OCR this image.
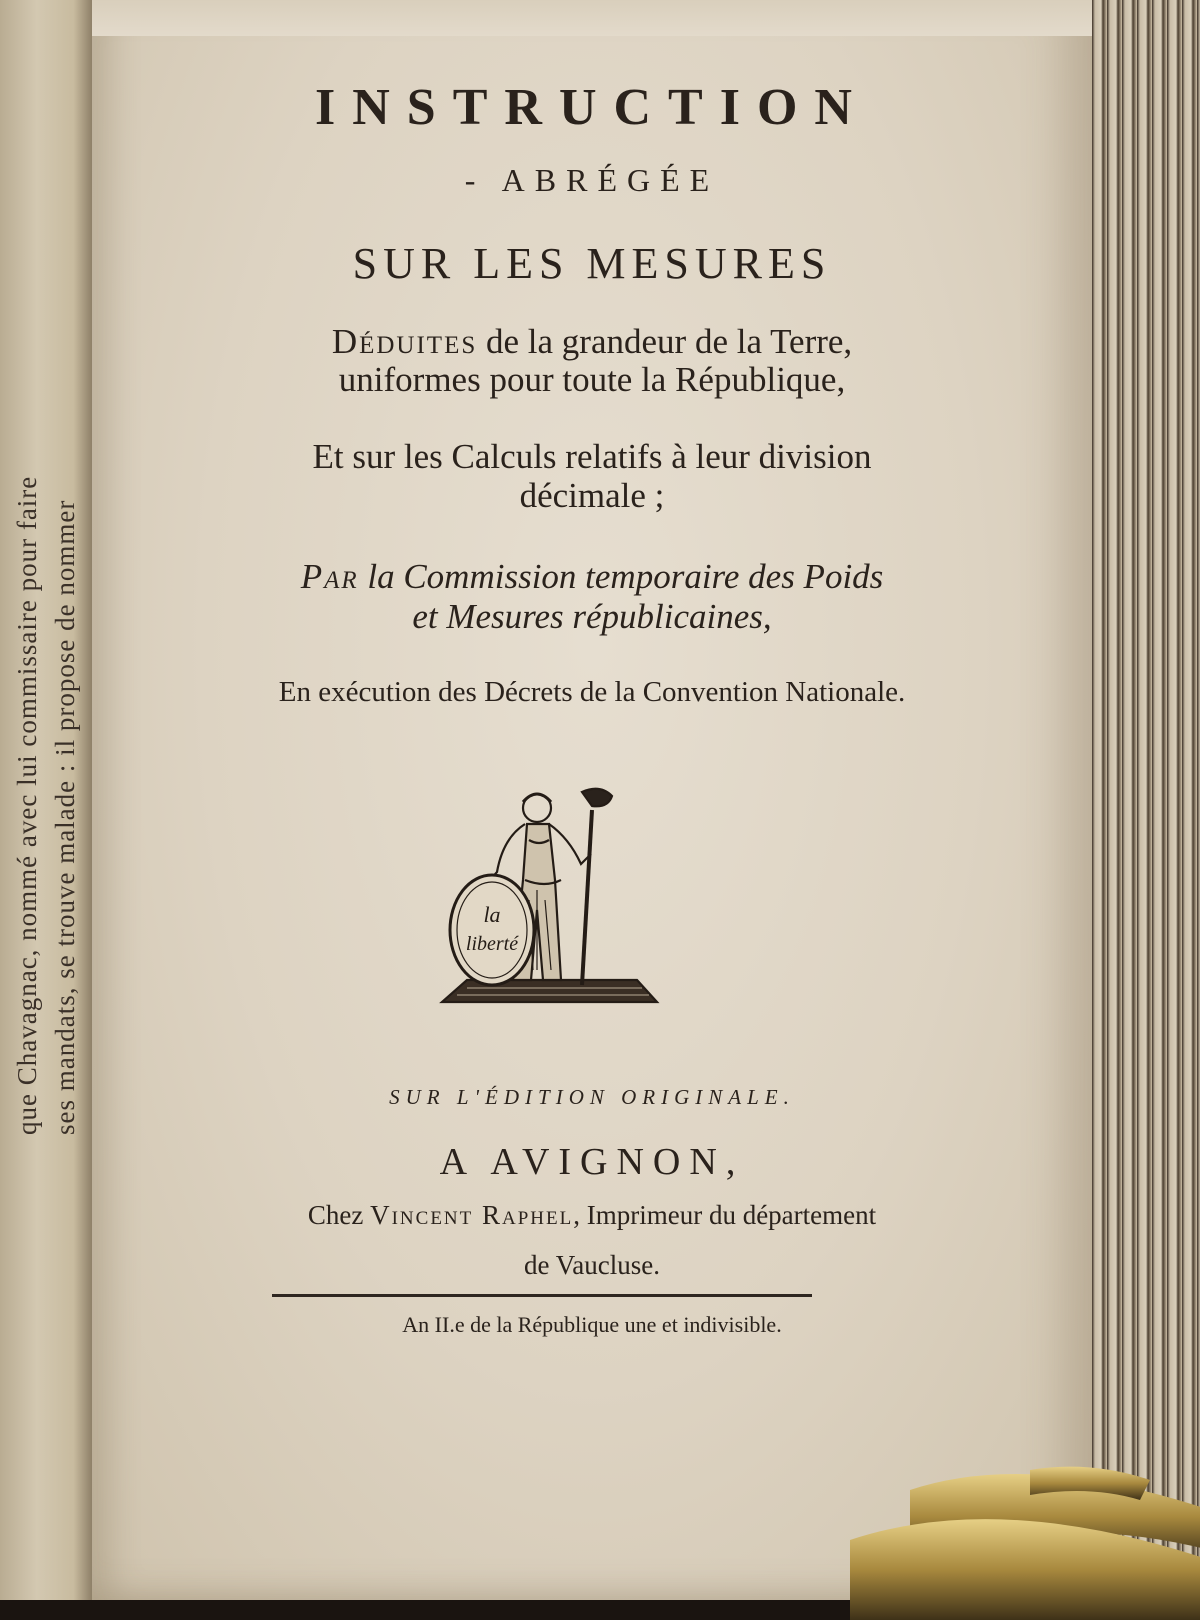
que Chavagnac, nommé avec lui commissaire pour faire ses mandats, se trouve malade : il propose de nommer
INSTRUCTION
- ABRÉGÉE
SUR LES MESURES
Déduites de la grandeur de la Terre,
uniformes pour toute la République,
Et sur les Calculs relatifs à leur division
décimale ;
Par la Commission temporaire des Poids
et Mesures républicaines,
En exécution des Décrets de la Convention Nationale.
la
liberté
SUR L'ÉDITION ORIGINALE.
A AVIGNON,
Chez Vincent Raphel, Imprimeur du département
de Vaucluse.
An II.e de la République une et indivisible.
